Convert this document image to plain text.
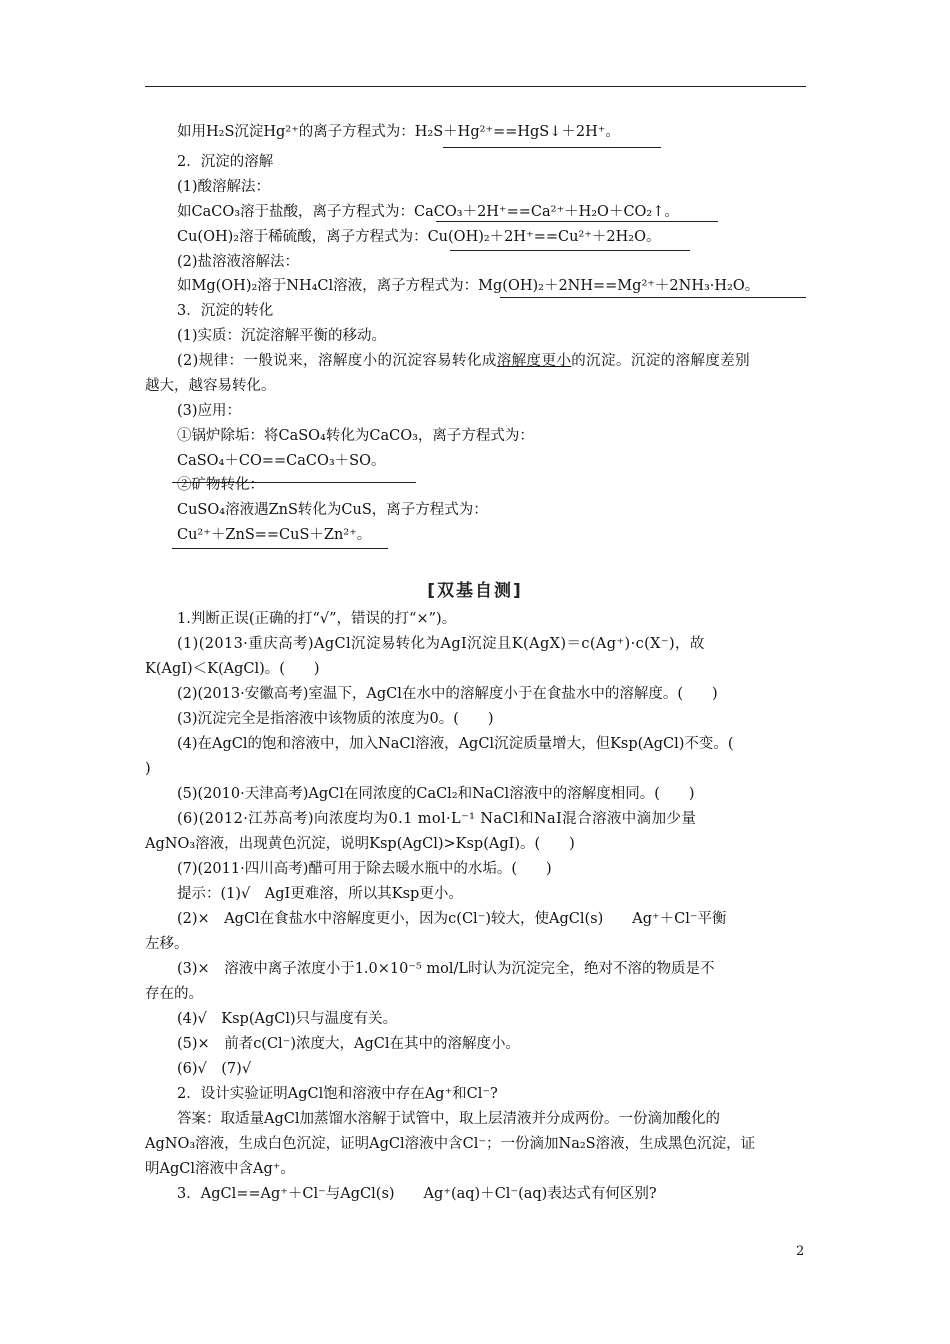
如用H₂S沉淀Hg²⁺的离子方程式为：H₂S＋Hg²⁺==HgS↓＋2H⁺。
2．沉淀的溶解
(1)酸溶解法：
如CaCO₃溶于盐酸，离子方程式为：CaCO₃＋2H⁺==Ca²⁺＋H₂O＋CO₂↑。
Cu(OH)₂溶于稀硫酸，离子方程式为：Cu(OH)₂＋2H⁺==Cu²⁺＋2H₂O。
(2)盐溶液溶解法：
如Mg(OH)₂溶于NH₄Cl溶液，离子方程式为：Mg(OH)₂＋2NH==Mg²⁺＋2NH₃·H₂O。
3．沉淀的转化
(1)实质：沉淀溶解平衡的移动。
(2)规律：一般说来，溶解度小的沉淀容易转化成溶解度更小的沉淀。沉淀的溶解度差别
越大，越容易转化。
(3)应用：
①锅炉除垢：将CaSO₄转化为CaCO₃，离子方程式为：
CaSO₄＋CO==CaCO₃＋SO。
②矿物转化：
CuSO₄溶液遇ZnS转化为CuS，离子方程式为：
Cu²⁺＋ZnS==CuS＋Zn²⁺。
[双基自测]
1.判断正误(正确的打“√”，错误的打“×”)。
(1)(2013·重庆高考)AgCl沉淀易转化为AgI沉淀且K(AgX)＝c(Ag⁺)·c(X⁻)，故
K(AgI)＜K(AgCl)。(　　)
(2)(2013·安徽高考)室温下，AgCl在水中的溶解度小于在食盐水中的溶解度。(　　)
(3)沉淀完全是指溶液中该物质的浓度为0。(　　)
(4)在AgCl的饱和溶液中，加入NaCl溶液，AgCl沉淀质量增大，但Ksp(AgCl)不变。(
)
(5)(2010·天津高考)AgCl在同浓度的CaCl₂和NaCl溶液中的溶解度相同。(　　)
(6)(2012·江苏高考)向浓度均为0.1 mol·L⁻¹ NaCl和NaI混合溶液中滴加少量
AgNO₃溶液，出现黄色沉淀，说明Ksp(AgCl)>Ksp(AgI)。(　　)
(7)(2011·四川高考)醋可用于除去暖水瓶中的水垢。(　　)
提示：(1)√　AgI更难溶，所以其Ksp更小。
(2)×　AgCl在食盐水中溶解度更小，因为c(Cl⁻)较大，使AgCl(s)　　Ag⁺＋Cl⁻平衡
左移。
(3)×　溶液中离子浓度小于1.0×10⁻⁵ mol/L时认为沉淀完全，绝对不溶的物质是不
存在的。
(4)√　Ksp(AgCl)只与温度有关。
(5)×　前者c(Cl⁻)浓度大，AgCl在其中的溶解度小。
(6)√　(7)√
2．设计实验证明AgCl饱和溶液中存在Ag⁺和Cl⁻?
答案：取适量AgCl加蒸馏水溶解于试管中，取上层清液并分成两份。一份滴加酸化的
AgNO₃溶液，生成白色沉淀，证明AgCl溶液中含Cl⁻；一份滴加Na₂S溶液，生成黑色沉淀，证
明AgCl溶液中含Ag⁺。
3．AgCl==Ag⁺＋Cl⁻与AgCl(s)　　Ag⁺(aq)＋Cl⁻(aq)表达式有何区别?
2
